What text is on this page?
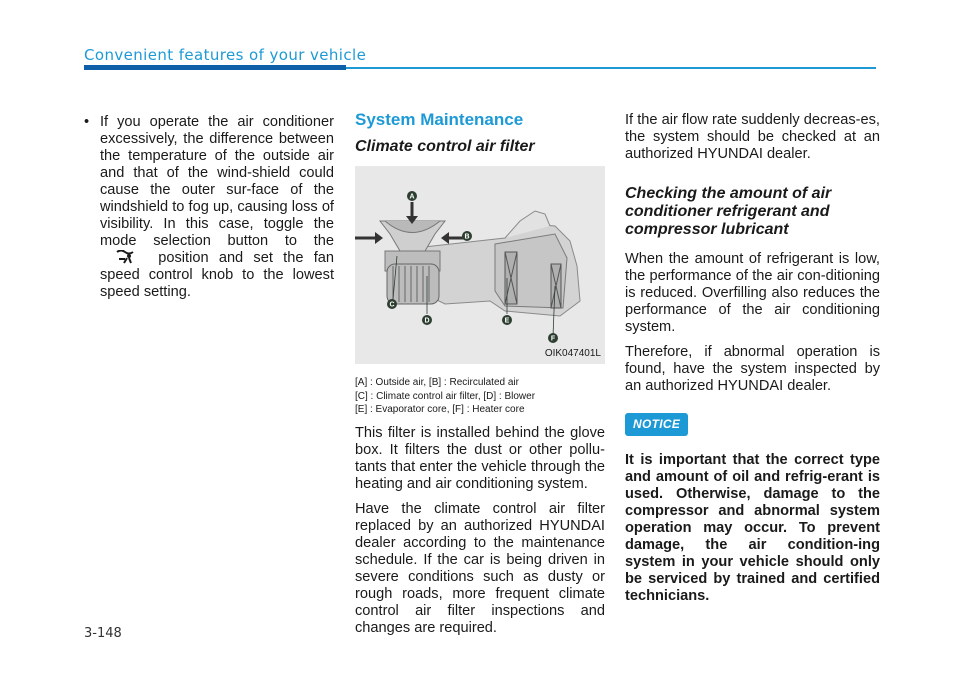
Convenient features of your vehicle
• If you operate the air conditioner excessively, the difference between the temperature of the outside air and that of the wind-shield could cause the outer sur-face of the windshield to fog up, causing loss of visibility. In this case, toggle the mode selection button to the  position and set the fan speed control knob to the lowest speed setting.
System Maintenance
Climate control air filter
A
B
C
D	E
F
OIK047401L
[A] : Outside air, [B] : Recirculated air
[C] : Climate control air filter, [D] : Blower
[E] : Evaporator core, [F] : Heater core

This filter is installed behind the glove box. It filters the dust or other pollu-tants that enter the vehicle through the heating and air conditioning system.

Have the climate control air filter replaced by an authorized HYUNDAI dealer according to the maintenance schedule. If the car is being driven in severe conditions such as dusty or rough roads, more frequent climate control air filter inspections and changes are required.

If the air flow rate suddenly decreas-es, the system should be checked at an authorized HYUNDAI dealer.

Checking the amount of air conditioner refrigerant and compressor lubricant

When the amount of refrigerant is low, the performance of the air con-ditioning is reduced. Overfilling also reduces the performance of the air conditioning system.

Therefore, if abnormal operation is found, have the system inspected by an authorized HYUNDAI dealer.

NOTICE

It is important that the correct type and amount of oil and refrig-erant is used. Otherwise, damage to the compressor and abnormal system operation may occur. To prevent damage, the air condition-ing system in your vehicle should only be serviced by trained and certified technicians.

3-148
